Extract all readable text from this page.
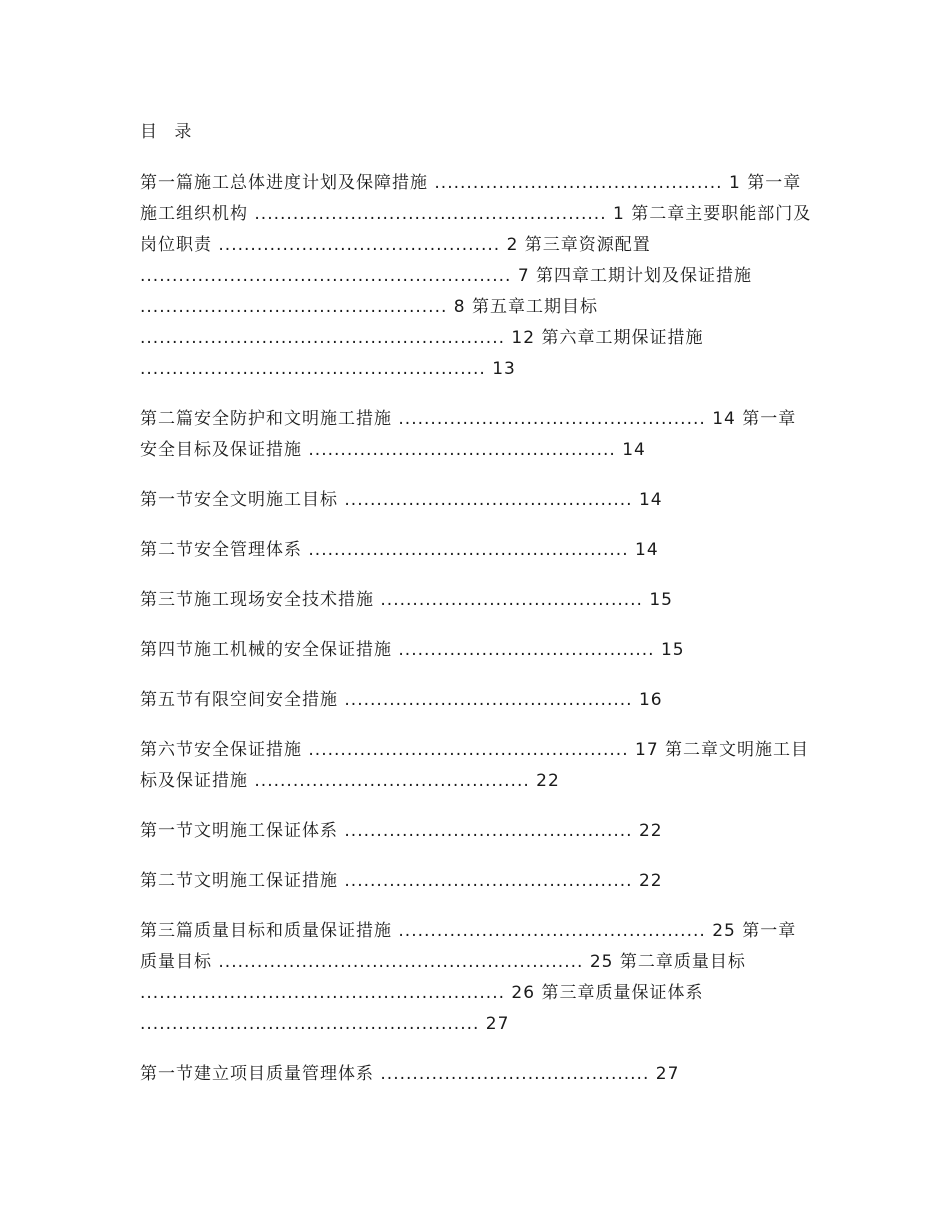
目 录
第一篇施工总体进度计划及保障措施 ............................................. 1 第一章施工组织机构 ....................................................... 1 第二章主要职能部门及岗位职责 ............................................ 2 第三章资源配置 .......................................................... 7 第四章工期计划及保证措施 ................................................ 8 第五章工期目标 ......................................................... 12 第六章工期保证措施 ...................................................... 13
第二篇安全防护和文明施工措施 ................................................ 14 第一章安全目标及保证措施 ................................................ 14
第一节安全文明施工目标 ............................................. 14
第二节安全管理体系 .................................................. 14
第三节施工现场安全技术措施 ......................................... 15
第四节施工机械的安全保证措施 ........................................ 15
第五节有限空间安全措施 ............................................. 16
第六节安全保证措施 .................................................. 17 第二章文明施工目标及保证措施 ........................................... 22
第一节文明施工保证体系 ............................................. 22
第二节文明施工保证措施 ............................................. 22
第三篇质量目标和质量保证措施 ................................................ 25 第一章质量目标 ......................................................... 25 第二章质量目标 ......................................................... 26 第三章质量保证体系 ..................................................... 27
第一节建立项目质量管理体系 .......................................... 27
